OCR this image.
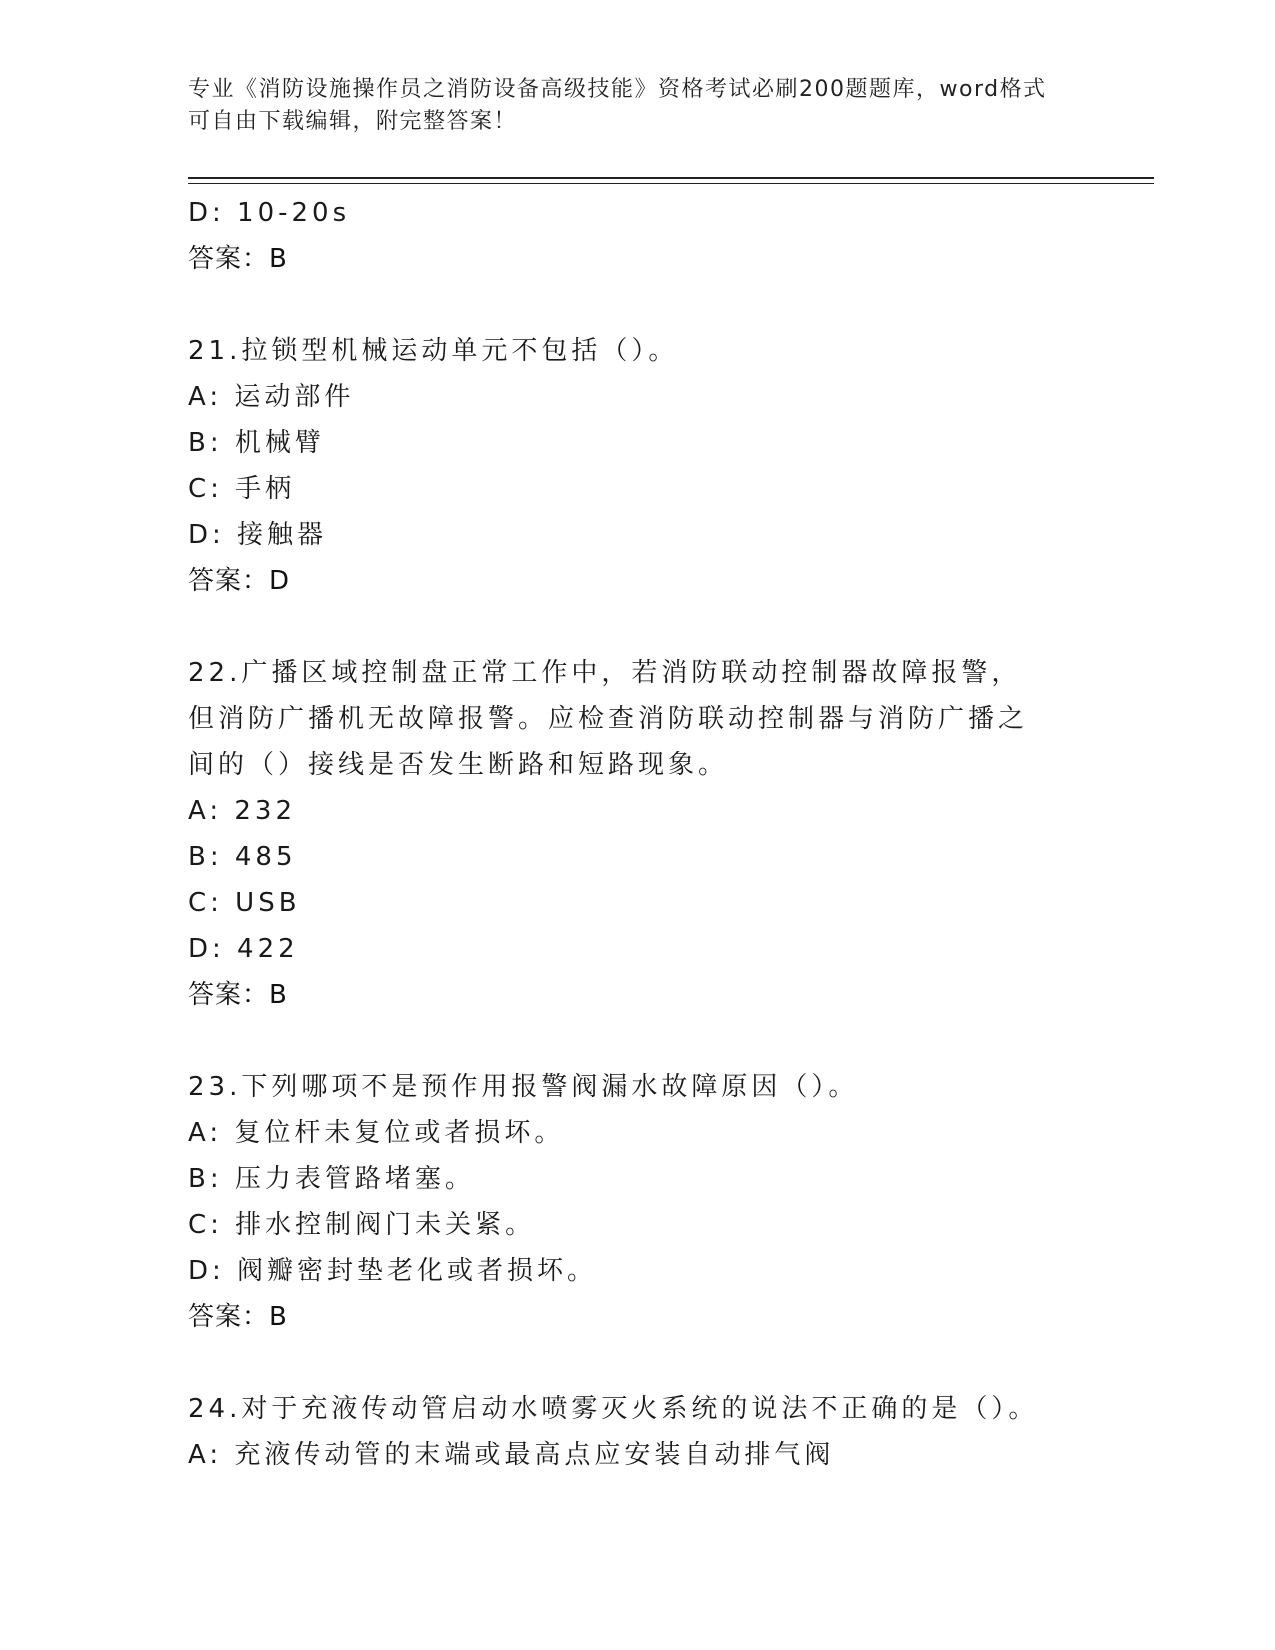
专业《消防设施操作员之消防设备高级技能》资格考试必刷200题题库，word格式可自由下载编辑，附完整答案！
D: 10-20s
答案：B
21.拉锁型机械运动单元不包括（）。
A: 运动部件
B: 机械臂
C: 手柄
D: 接触器
答案：D
22.广播区域控制盘正常工作中，若消防联动控制器故障报警，但消防广播机无故障报警。应检查消防联动控制器与消防广播之间的（）接线是否发生断路和短路现象。
A: 232
B: 485
C: USB
D: 422
答案：B
23.下列哪项不是预作用报警阀漏水故障原因（）。
A: 复位杆未复位或者损坏。
B: 压力表管路堵塞。
C: 排水控制阀门未关紧。
D: 阀瓣密封垫老化或者损坏。
答案：B
24.对于充液传动管启动水喷雾灭火系统的说法不正确的是（）。
A: 充液传动管的末端或最高点应安装自动排气阀
